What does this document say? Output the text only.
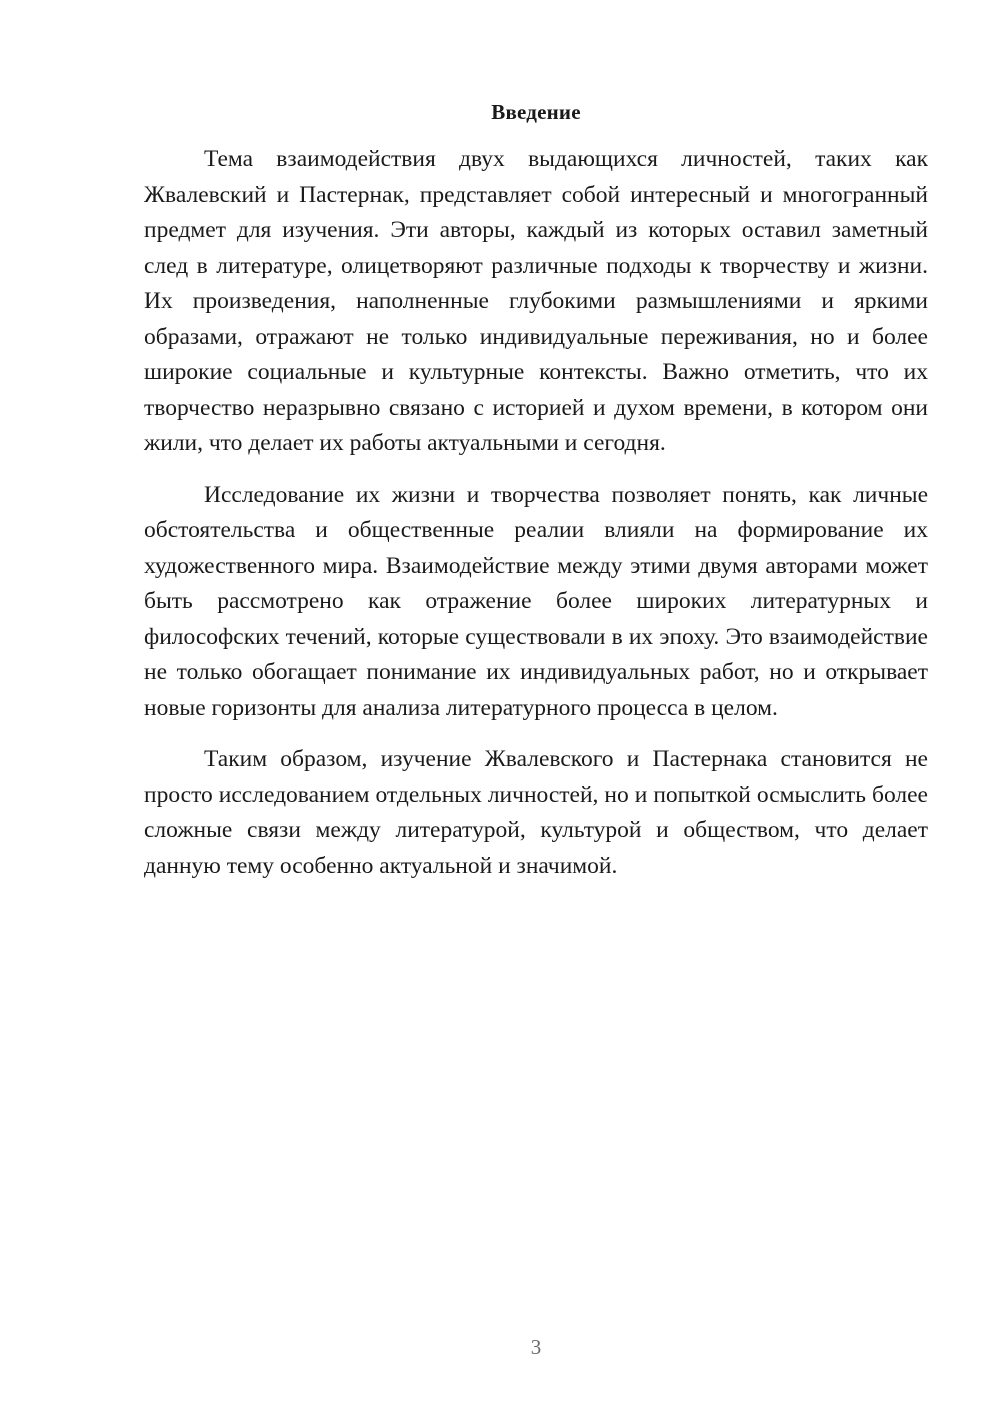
Введение

Тема взаимодействия двух выдающихся личностей, таких как Жвалевский и Пастернак, представляет собой интересный и многогранный предмет для изучения. Эти авторы, каждый из которых оставил заметный след в литературе, олицетворяют различные подходы к творчеству и жизни. Их произведения, наполненные глубокими размышлениями и яркими образами, отражают не только индивидуальные переживания, но и более широкие социальные и культурные контексты. Важно отметить, что их творчество неразрывно связано с историей и духом времени, в котором они жили, что делает их работы актуальными и сегодня.

Исследование их жизни и творчества позволяет понять, как личные обстоятельства и общественные реалии влияли на формирование их художественного мира. Взаимодействие между этими двумя авторами может быть рассмотрено как отражение более широких литературных и философских течений, которые существовали в их эпоху. Это взаимодействие не только обогащает понимание их индивидуальных работ, но и открывает новые горизонты для анализа литературного процесса в целом.

Таким образом, изучение Жвалевского и Пастернака становится не просто исследованием отдельных личностей, но и попыткой осмыслить более сложные связи между литературой, культурой и обществом, что делает данную тему особенно актуальной и значимой.

3
